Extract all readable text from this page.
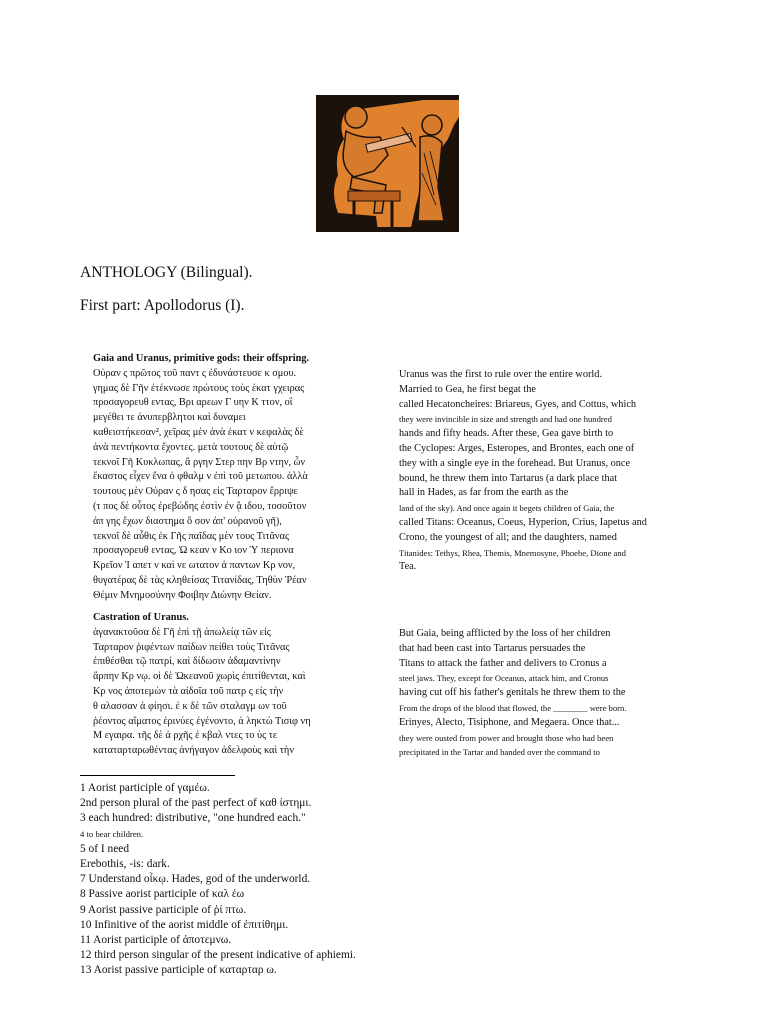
ANTHOLOGY (Bilingual).
First part: Apollodorus (I).
Gaia and Uranus, primitive gods: their offspring.
Οὐραν ς πρῶτος τοῦ παντ ς ἐδυνάστευσε κ σμου.
γημας δὲ Γῆν ἐτέκνωσε πρώτους τοὺς ἑκατ γχειρας
προσαγορευθ εντας, Βρι αρεων Γ υην Κ ττον, οἳ
μεγέθει τε ἀνυπερβλητοι καὶ δυναμει
καθειστήκεσαν², χεῖρας μὲν ἀνὰ ἑκατ ν κεφαλὰς δὲ
ἀνὰ πεντήκοντα ἔχοντες. μετὰ τουτους δὲ αὐτῷ
τεκνοῖ Γῆ Κυκλωπας, ἄ ργην Στερ πην Βρ ντην, ὧν
ἕκαστος εἶχεν ἕνα ὀ φθαλμ ν ἐπὶ τοῦ μετωπου. ἀλλὰ
τουτους μὲν Οὐραν ς δ ησας εἰς Ταρταρον ἔρριψε
(τ πος δὲ οὗτος ἐρεβώδης ἐστὶν ἐν ᾅ ιδου, τοσοῦτον
ἀπ γης ἔχων διαστημα ὅ σον ἀπ' οὐρανοῦ γῆ),
τεκνοῖ δὲ αὖθις ἐκ Γῆς παῖδας μὲν τους Τιτᾶνας
προσαγορευθ εντας, Ὠ κεαν ν Κο ιον Ὑ περιονα
Κρεῖον Ἰ απετ ν καὶ νε ωτατον ἁ παντων Κρ νον,
θυγατέρας δὲ τὰς κληθείσας Τιτανίδας, Τηθὺν Ῥέαν
Θέμιν Μνημοσύνην Φοιβην Διώνην Θείαν.
Uranus was the first to rule over the entire world.
Married to Gea, he first begat the
called Hecatoncheires: Briareus, Gyes, and Cottus, which
they were invincible in size and strength and had one hundred
hands and fifty heads. After these, Gea gave birth to
the Cyclopes: Arges, Esteropes, and Brontes, each one of
they with a single eye in the forehead. But Uranus, once
bound, he threw them into Tartarus (a dark place that
hall in Hades, as far from the earth as the
land of the sky). And once again it begets children of Gaia, the
called Titans: Oceanus, Coeus, Hyperion, Crius, Iapetus and
Crono, the youngest of all; and the daughters, named
Titanides: Tethys, Rhea, Themis, Mnemosyne, Phoebe, Dione and
Tea.
Castration of Uranus.
ἀγανακτοῦσα δὲ Γῆ ἐπὶ τῇ ἀπωλείᾳ τῶν εἰς
Ταρταρον ῥιφέντων παίδων πείθει τοὺς Τιτᾶνας
ἐπιθέσθαι τῷ πατρί, καὶ δίδωσιν ἀδαμαντίνην
ἅρπην Κρ νῳ. οἱ δὲ Ὠκεανοῦ χωρὶς ἐπιτίθενται, καὶ
Κρ νος ἀποτεμὼν τὰ αἰδοῖα τοῦ πατρ ς εἰς τὴν
θ αλασσαν ἀ φίησι. ἐ κ δὲ τῶν σταλαγμ ων τοῦ
ῥέοντος αἵματος ἐρινύες ἐγένοντο, ἀ ληκτὼ Τισιφ νη
Μ εγαιρα. τῆς δὲ ἀ ρχῆς ἐ κβαλ ντες το ὺς τε
καταταρταρωθέντας ἀνήγαγον ἀδελφοὺς καὶ τὴν
But Gaia, being afflicted by the loss of her children
that had been cast into Tartarus persuades the
Titans to attack the father and delivers to Cronus a
steel jaws. They, except for Oceanus, attack him, and Cronus
having cut off his father's genitals he threw them to the
From the drops of the blood that flowed, the ________ were born.
Erinyes, Alecto, Tisiphone, and Megaera. Once that...
they were ousted from power and brought those who had been
precipitated in the Tartar and handed over the command to
1 Aorist participle of γαμέω.
2nd person plural of the past perfect of καθ ίστημι.
3 each hundred: distributive, "one hundred each."
4 to bear children.
5 of I need
Erebothis, -is: dark.
7 Understand οἶκῳ. Hades, god of the underworld.
8 Passive aorist participle of καλ έω
9 Aorist passive participle of ῥί πτω.
10 Infinitive of the aorist middle of ἐπιτίθημι.
11 Aorist participle of ἀποτεμνω.
12 third person singular of the present indicative of aphiemi.
13 Aorist passive participle of καταρταρ ω.
